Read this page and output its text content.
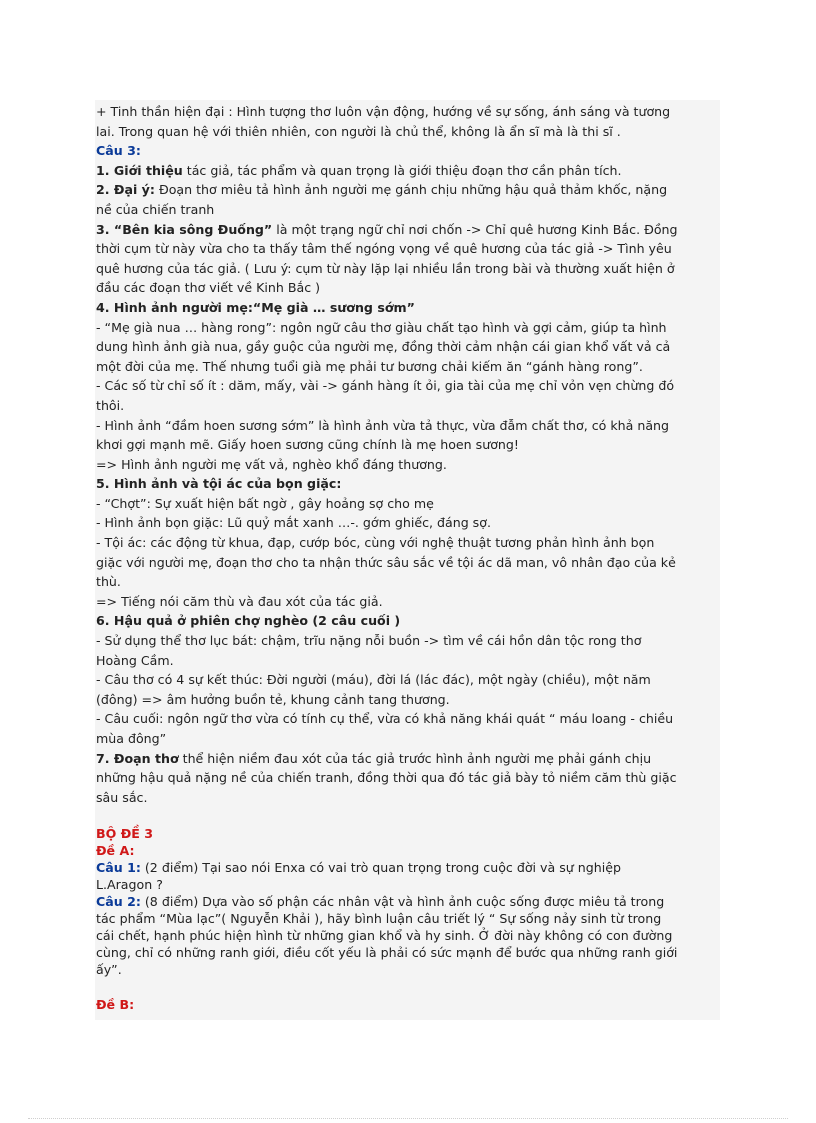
+ Tinh thần hiện đại : Hình tượng thơ luôn vận động, hướng về sự sống, ánh sáng và tương

lai. Trong quan hệ với thiên nhiên, con người là chủ thể, không là ẩn sĩ mà là thi sĩ .

Câu 3:

1. Giới thiệu tác giả, tác phẩm và quan trọng là giới thiệu đoạn thơ cần phân tích.

2. Đại ý: Đoạn thơ miêu tả hình ảnh người mẹ gánh chịu những hậu quả thảm khốc, nặng

nề của chiến tranh

3. “Bên kia sông Đuống” là một trạng ngữ chỉ nơi chốn -> Chỉ quê hương Kinh Bắc. Đồng

thời cụm từ này vừa cho ta thấy tâm thế ngóng vọng về quê hương của tác giả -> Tình yêu

quê hương của tác giả. ( Lưu ý: cụm từ này lặp lại nhiều lần trong bài và thường xuất hiện ở

đầu các đoạn thơ viết về Kinh Bắc )

4. Hình ảnh người mẹ:“Mẹ già … sương sớm”

- “Mẹ già nua … hàng rong”: ngôn ngữ câu thơ giàu chất tạo hình và gợi cảm, giúp ta hình

dung hình ảnh già nua, gầy guộc của người mẹ, đồng thời cảm nhận cái gian khổ vất vả cả

một đời của mẹ. Thế nhưng tuổi già mẹ phải tư bương chải kiếm ăn “gánh hàng rong”.

- Các số từ chỉ số ít : dăm, mấy, vài -> gánh hàng ít ỏi, gia tài của mẹ chỉ vỏn vẹn chừng đó

thôi.

- Hình ảnh “đầm hoen sương sớm” là hình ảnh vừa tả thực, vừa đẫm chất thơ, có khả năng

khơi gợi mạnh mẽ. Giấy hoen sương cũng chính là mẹ hoen sương!

=> Hình ảnh người mẹ vất vả, nghèo khổ đáng thương.

5. Hình ảnh và tội ác của bọn giặc:

- “Chợt”: Sự xuất hiện bất ngờ , gây hoảng sợ cho mẹ

- Hình ảnh bọn giặc: Lũ quỷ mắt xanh …-. gớm ghiếc, đáng sợ.

- Tội ác: các động từ khua, đạp, cướp bóc, cùng với nghệ thuật tương phản hình ảnh bọn

giặc với người mẹ, đoạn thơ cho ta nhận thức sâu sắc về tội ác dã man, vô nhân đạo của kẻ

thù.

=> Tiếng nói căm thù và đau xót của tác giả.

6. Hậu quả ở phiên chợ nghèo (2 câu cuối )

- Sử dụng thể thơ lục bát: chậm, trĩu nặng nỗi buồn -> tìm về cái hồn dân tộc rong thơ

Hoàng Cầm.

- Câu thơ có 4 sự kết thúc: Đời người (máu), đời lá (lác đác), một ngày (chiều), một năm

(đông) => âm hưởng buồn tẻ, khung cảnh tang thương.

- Câu cuối: ngôn ngữ thơ vừa có tính cụ thể, vừa có khả năng khái quát “ máu loang - chiều

mùa đông”

7. Đoạn thơ thể hiện niềm đau xót của tác giả trước hình ảnh người mẹ phải gánh chịu

những hậu quả nặng nề của chiến tranh, đồng thời qua đó tác giả bày tỏ niềm căm thù giặc

sâu sắc.

BỘ ĐỀ 3

Đề A:

Câu 1: (2 điểm) Tại sao nói Enxa có vai trò quan trọng trong cuộc đời và sự nghiệp

L.Aragon ?

Câu 2: (8 điểm) Dựa vào số phận các nhân vật và hình ảnh cuộc sống được miêu tả trong

tác phẩm “Mùa lạc”( Nguyễn Khải ), hãy bình luận câu triết lý “ Sự sống nảy sinh từ trong

cái chết, hạnh phúc hiện hình từ những gian khổ và hy sinh. Ở đời này không có con đường

cùng, chỉ có những ranh giới, điều cốt yếu là phải có sức mạnh để bước qua những ranh giới

ấy”.

Đề B:
